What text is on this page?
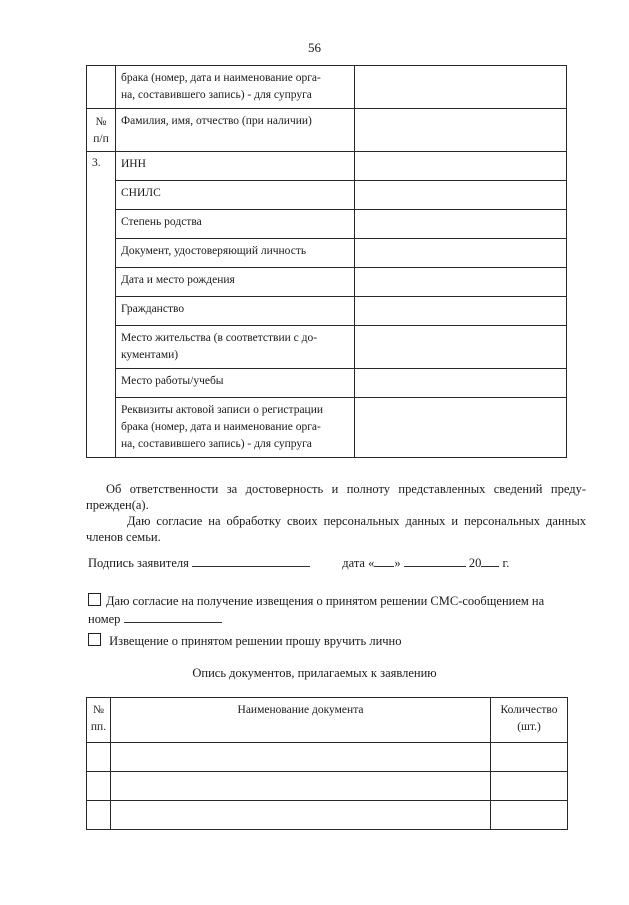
56
	брака (номер, дата и наименование орга-
на, составившего запись) - для супруга	
№
п/п	Фамилия, имя, отчество (при наличии)	
3.	ИНН	
	СНИЛС	
	Степень родства	
	Документ, удостоверяющий личность	
	Дата и место рождения	
	Гражданство	
	Место жительства (в соответствии с до-
кументами)	
	Место работы/учебы	
	Реквизиты актовой записи о регистрации
брака (номер, дата и наименование орга-
на, составившего запись) - для супруга	
Об ответственности за достоверность и полноту представленных сведений преду-прежден(а).
Даю согласие на обработку своих персональных данных и персональных данных членов семьи.
Подпись заявителя	дата « »	20 г.
Даю согласие на получение извещения о принятом решении СМС-сообщением на номер
Извещение о принятом решении прошу вручить лично
Опись документов, прилагаемых к заявлению
№
пп.	Наименование документа	Количество
(шт.)
